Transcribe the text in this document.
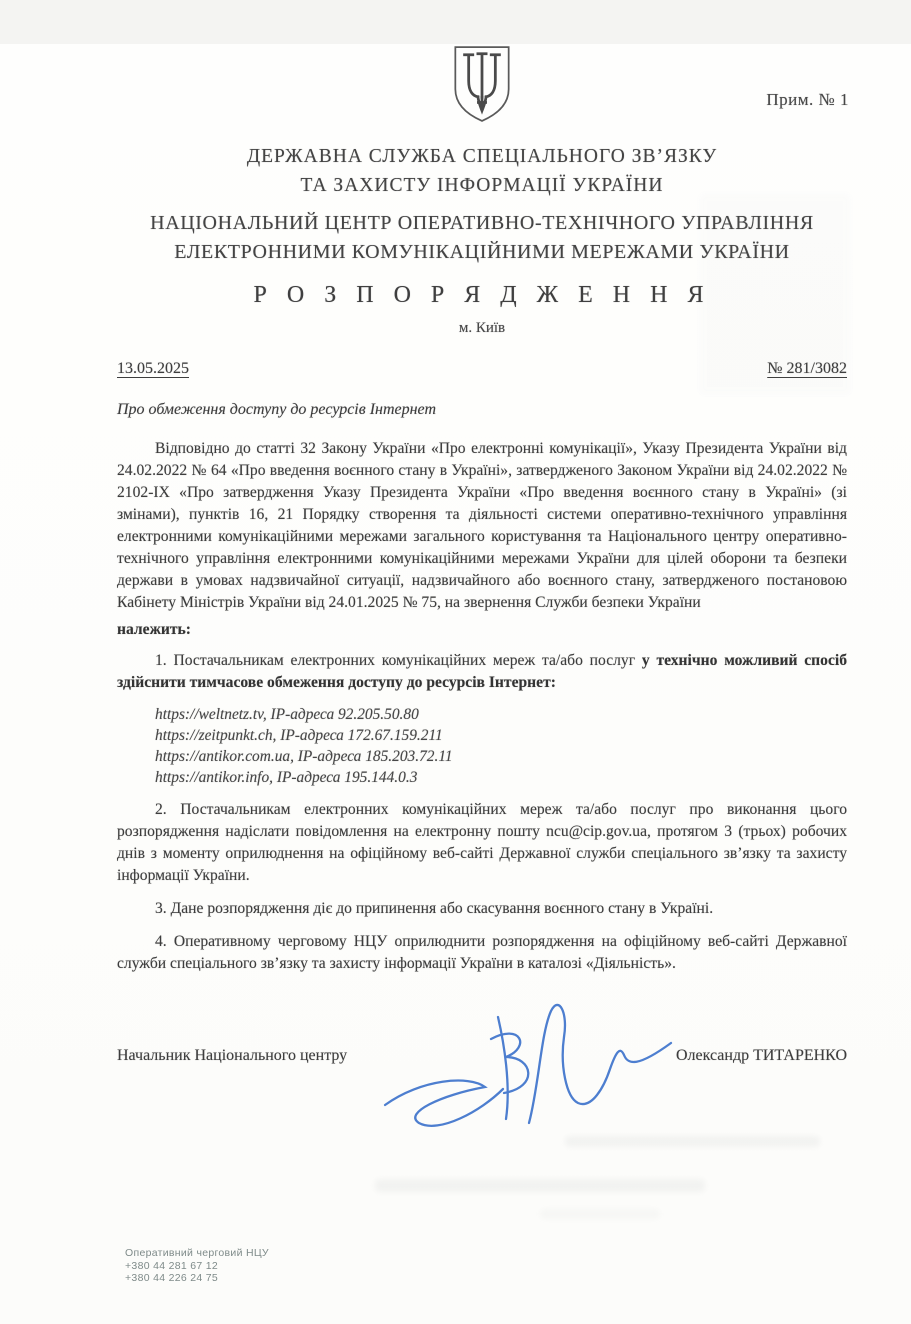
Прим. № 1
ДЕРЖАВНА СЛУЖБА СПЕЦІАЛЬНОГО ЗВ’ЯЗКУ
ТА ЗАХИСТУ ІНФОРМАЦІЇ УКРАЇНИ
НАЦІОНАЛЬНИЙ ЦЕНТР ОПЕРАТИВНО-ТЕХНІЧНОГО УПРАВЛІННЯ
ЕЛЕКТРОННИМИ КОМУНІКАЦІЙНИМИ МЕРЕЖАМИ УКРАЇНИ
Р О З П О Р Я Д Ж Е Н Н Я
м. Київ
13.05.2025	№ 281/3082
Про обмеження доступу до ресурсів Інтернет

Відповідно до статті 32 Закону України «Про електронні комунікації», Указу Президента України від 24.02.2022 № 64 «Про введення воєнного стану в Україні», затвердженого Законом України від 24.02.2022 № 2102-ІХ «Про затвердження Указу Президента України «Про введення воєнного стану в Україні» (зі змінами), пунктів 16, 21 Порядку створення та діяльності системи оперативно-технічного управління електронними комунікаційними мережами загального користування та Національного центру оперативно-технічного управління електронними комунікаційними мережами України для цілей оборони та безпеки держави в умовах надзвичайної ситуації, надзвичайного або воєнного стану, затвердженого постановою Кабінету Міністрів України від 24.01.2025 № 75, на звернення Служби безпеки України

належить:

1. Постачальникам електронних комунікаційних мереж та/або послуг у технічно можливий спосіб здійснити тимчасове обмеження доступу до ресурсів Інтернет:

https://weltnetz.tv, IP-адреса 92.205.50.80
https://zeitpunkt.ch, IP-адреса 172.67.159.211
https://antikor.com.ua, IP-адреса 185.203.72.11
https://antikor.info, IP-адреса 195.144.0.3

2. Постачальникам електронних комунікаційних мереж та/або послуг про виконання цього розпорядження надіслати повідомлення на електронну пошту ncu@cip.gov.ua, протягом 3 (трьох) робочих днів з моменту оприлюднення на офіційному веб-сайті Державної служби спеціального зв’язку та захисту інформації України.

3. Дане розпорядження діє до припинення або скасування воєнного стану в Україні.

4. Оперативному черговому НЦУ оприлюднити розпорядження на офіційному веб-сайті Державної служби спеціального зв’язку та захисту інформації України в каталозі «Діяльність».

Начальник Національного центру	Олександр ТИТАРЕНКО
Оперативний черговий НЦУ
+380 44 281 67 12
+380 44 226 24 75
